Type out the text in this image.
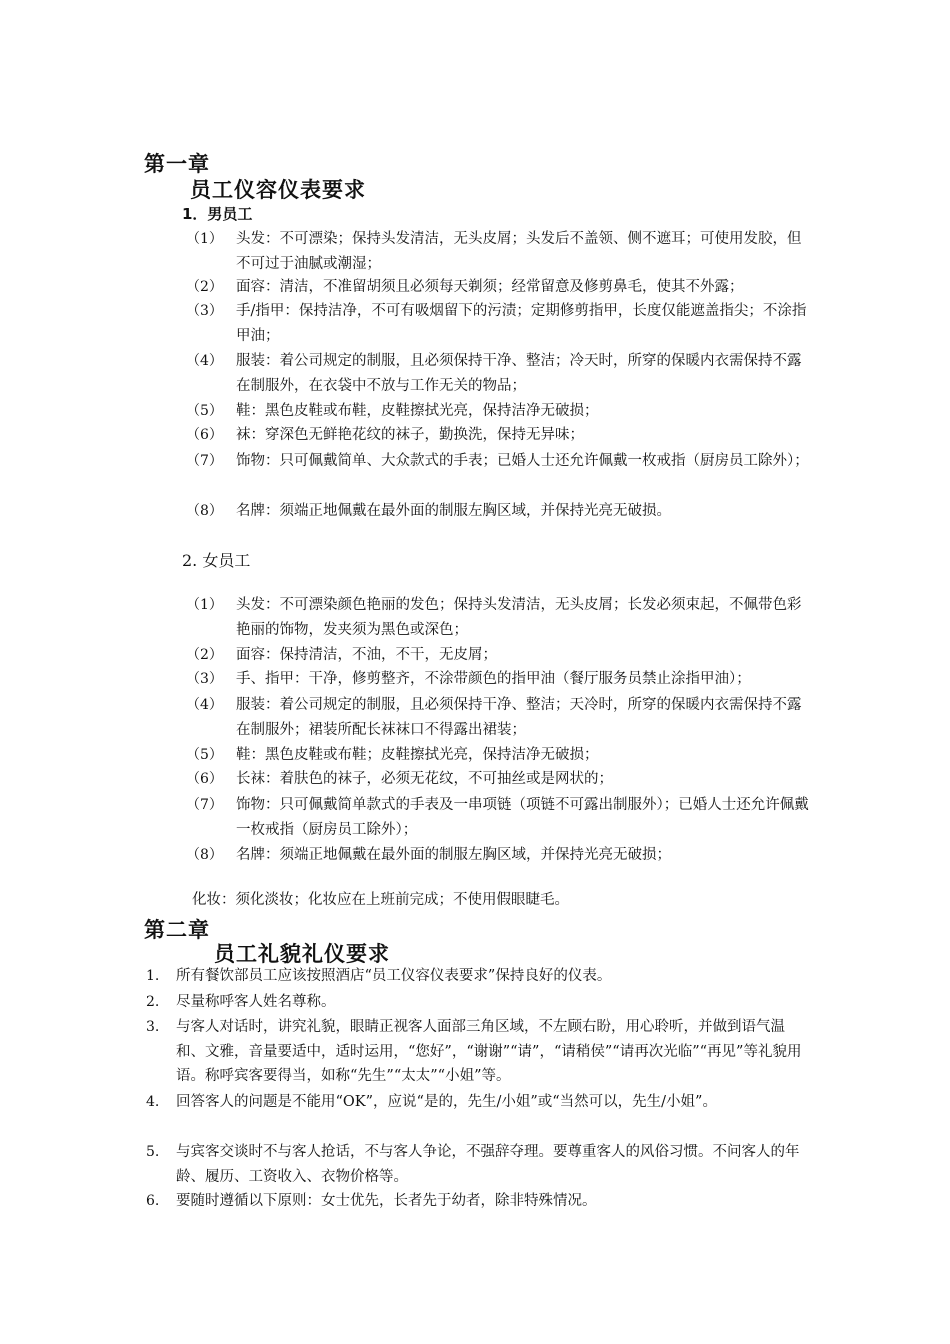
第一章
员工仪容仪表要求
1．男员工
（1） 头发：不可漂染；保持头发清洁，无头皮屑；头发后不盖领、侧不遮耳；可使用发胶，但不可过于油腻或潮湿；
（2） 面容：清洁，不准留胡须且必须每天剃须；经常留意及修剪鼻毛，使其不外露；
（3） 手/指甲：保持洁净，不可有吸烟留下的污渍；定期修剪指甲，长度仅能遮盖指尖；不涂指甲油；
（4） 服装：着公司规定的制服，且必须保持干净、整洁；冷天时，所穿的保暖内衣需保持不露在制服外，在衣袋中不放与工作无关的物品；
（5） 鞋：黑色皮鞋或布鞋，皮鞋擦拭光亮，保持洁净无破损；
（6） 袜：穿深色无鲜艳花纹的袜子，勤换洗，保持无异味；
（7） 饰物：只可佩戴简单、大众款式的手表；已婚人士还允许佩戴一枚戒指（厨房员工除外）；
（8） 名牌：须端正地佩戴在最外面的制服左胸区域，并保持光亮无破损。
2. 女员工
（1） 头发：不可漂染颜色艳丽的发色；保持头发清洁，无头皮屑；长发必须束起，不佩带色彩艳丽的饰物，发夹须为黑色或深色；
（2） 面容：保持清洁，不油，不干，无皮屑；
（3） 手、指甲：干净，修剪整齐，不涂带颜色的指甲油（餐厅服务员禁止涂指甲油）；
（4） 服装：着公司规定的制服，且必须保持干净、整洁；天冷时，所穿的保暖内衣需保持不露在制服外；裙装所配长袜袜口不得露出裙装；
（5） 鞋：黑色皮鞋或布鞋；皮鞋擦拭光亮，保持洁净无破损；
（6） 长袜：着肤色的袜子，必须无花纹，不可抽丝或是网状的；
（7） 饰物：只可佩戴简单款式的手表及一串项链（项链不可露出制服外）；已婚人士还允许佩戴一枚戒指（厨房员工除外）；
（8） 名牌：须端正地佩戴在最外面的制服左胸区域，并保持光亮无破损；
化妆：须化淡妆；化妆应在上班前完成；不使用假眼睫毛。
第二章
员工礼貌礼仪要求
1. 所有餐饮部员工应该按照酒店“员工仪容仪表要求”保持良好的仪表。
2. 尽量称呼客人姓名尊称。
3. 与客人对话时，讲究礼貌，眼睛正视客人面部三角区域，不左顾右盼，用心聆听，并做到语气温和、文雅，音量要适中，适时运用，“您好”，“谢谢”“请”，“请稍侯”“请再次光临”“再见”等礼貌用语。称呼宾客要得当，如称“先生”“太太”“小姐”等。
4. 回答客人的问题是不能用“OK”，应说“是的，先生/小姐”或“当然可以，先生/小姐”。
5. 与宾客交谈时不与客人抢话，不与客人争论，不强辞夺理。要尊重客人的风俗习惯。不问客人的年龄、履历、工资收入、衣物价格等。
6. 要随时遵循以下原则：女士优先，长者先于幼者，除非特殊情况。
